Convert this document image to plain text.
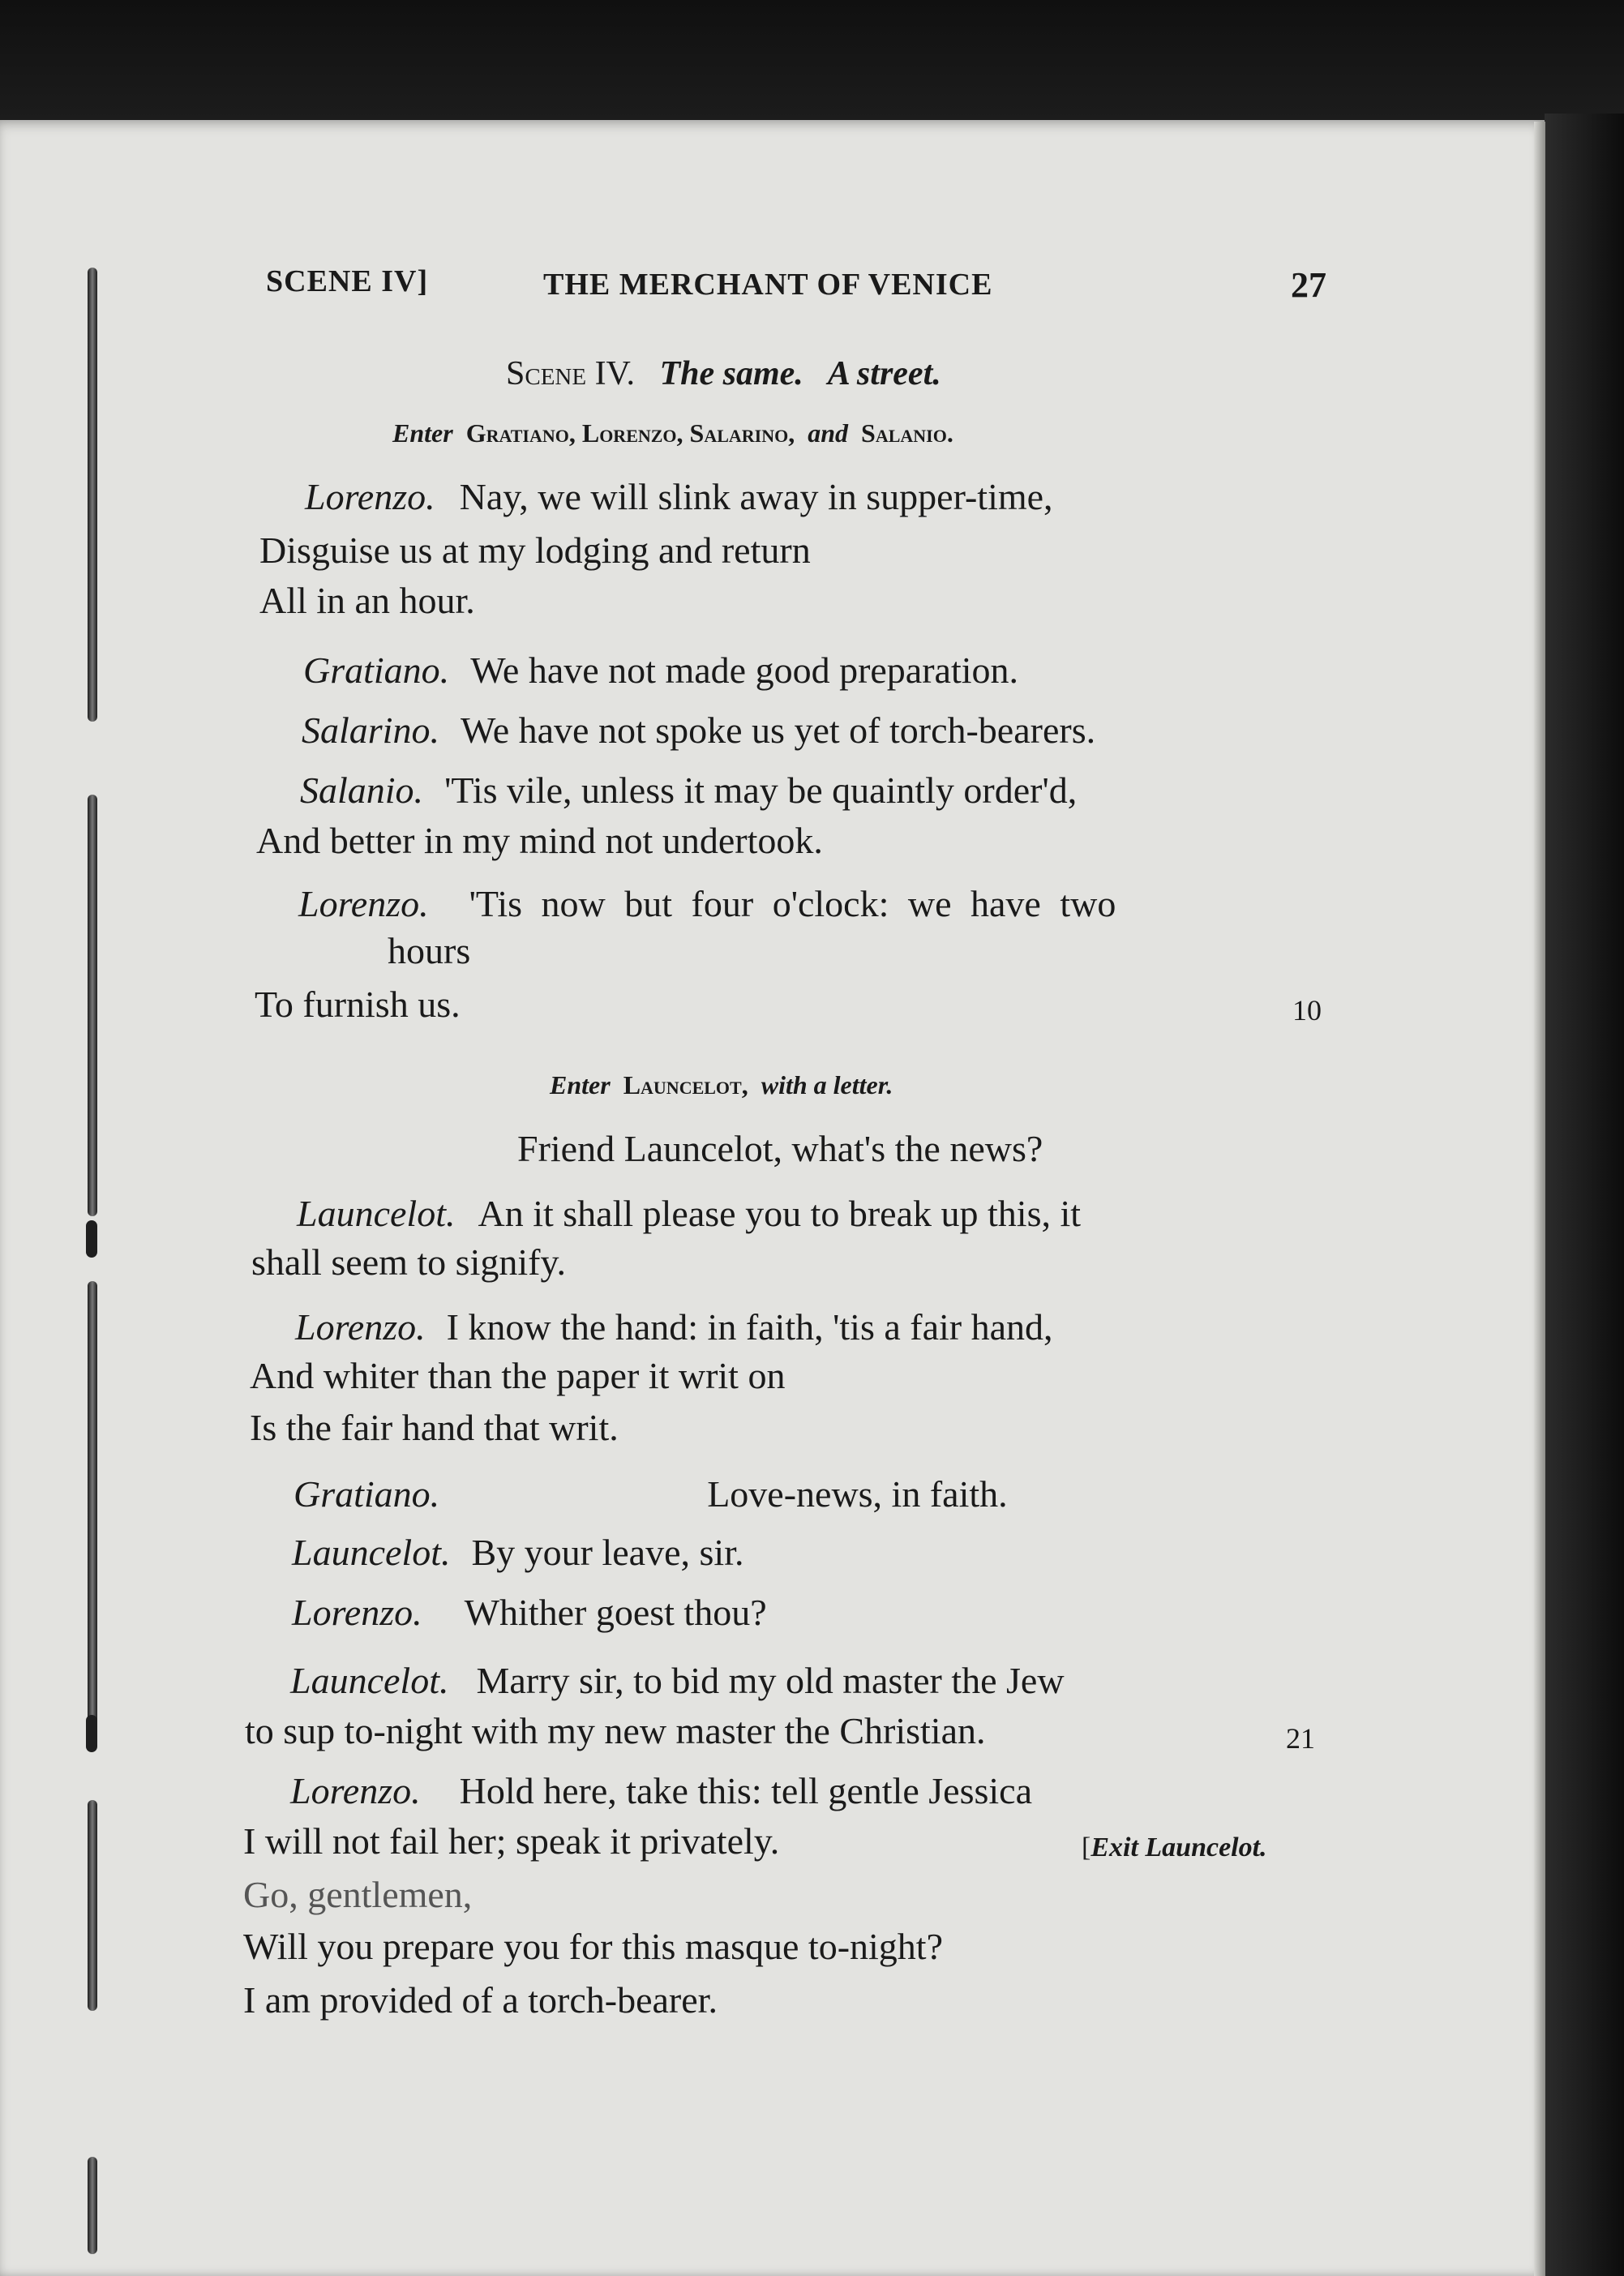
SCENE IV]	THE MERCHANT OF VENICE	27
Scene IV. The same.   A street.
Enter Gratiano, Lorenzo, Salarino, and Salanio.
Lorenzo. Nay, we will slink away in supper-time,
Disguise us at my lodging and return
All in an hour.
Gratiano. We have not made good preparation.
Salarino. We have not spoke us yet of torch-bearers.
Salanio. 'Tis vile, unless it may be quaintly order'd,
And better in my mind not undertook.
Lorenzo. 'Tis now but four o'clock: we have two
hours
To furnish us.	10
Enter Launcelot, with a letter.
Friend Launcelot, what's the news?
Launcelot. An it shall please you to break up this, it
shall seem to signify.
Lorenzo. I know the hand: in faith, 'tis a fair hand,
And whiter than the paper it writ on
Is the fair hand that writ.
Gratiano.	Love-news, in faith.
Launcelot. By your leave, sir.
Lorenzo. Whither goest thou?
Launcelot. Marry sir, to bid my old master the Jew
to sup to-night with my new master the Christian.	21
Lorenzo. Hold here, take this: tell gentle Jessica
I will not fail her; speak it privately.	[Exit Launcelot.
Go, gentlemen,
Will you prepare you for this masque to-night?
I am provided of a torch-bearer.
